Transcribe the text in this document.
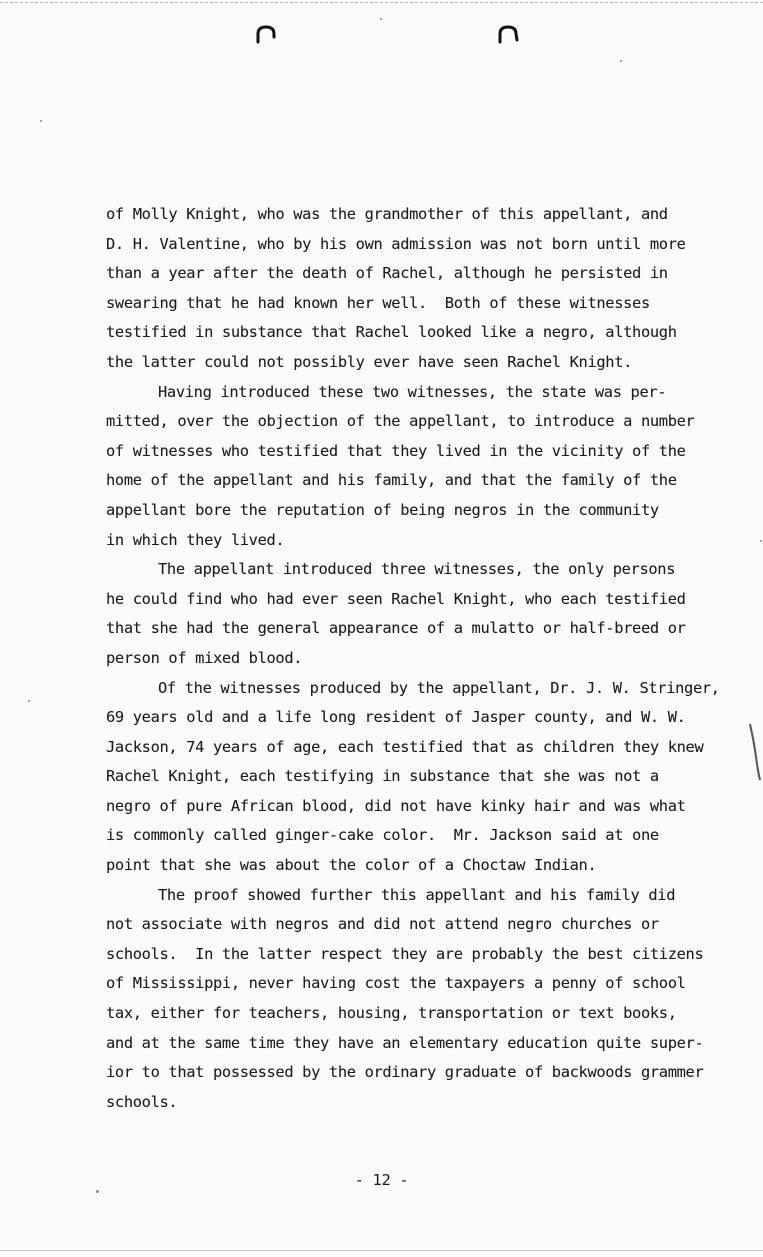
of Molly Knight, who was the grandmother of this appellant, and
D. H. Valentine, who by his own admission was not born until more
than a year after the death of Rachel, although he persisted in
swearing that he had known her well.  Both of these witnesses
testified in substance that Rachel looked like a negro, although
the latter could not possibly ever have seen Rachel Knight.
Having introduced these two witnesses, the state was per-
mitted, over the objection of the appellant, to introduce a number
of witnesses who testified that they lived in the vicinity of the
home of the appellant and his family, and that the family of the
appellant bore the reputation of being negros in the community
in which they lived.
The appellant introduced three witnesses, the only persons
he could find who had ever seen Rachel Knight, who each testified
that she had the general appearance of a mulatto or half-breed or
person of mixed blood.
Of the witnesses produced by the appellant, Dr. J. W. Stringer,
69 years old and a life long resident of Jasper county, and W. W.
Jackson, 74 years of age, each testified that as children they knew
Rachel Knight, each testifying in substance that she was not a
negro of pure African blood, did not have kinky hair and was what
is commonly called ginger-cake color.  Mr. Jackson said at one
point that she was about the color of a Choctaw Indian.
The proof showed further this appellant and his family did
not associate with negros and did not attend negro churches or
schools.  In the latter respect they are probably the best citizens
of Mississippi, never having cost the taxpayers a penny of school
tax, either for teachers, housing, transportation or text books,
and at the same time they have an elementary education quite super-
ior to that possessed by the ordinary graduate of backwoods grammer
schools.
- 12 -
